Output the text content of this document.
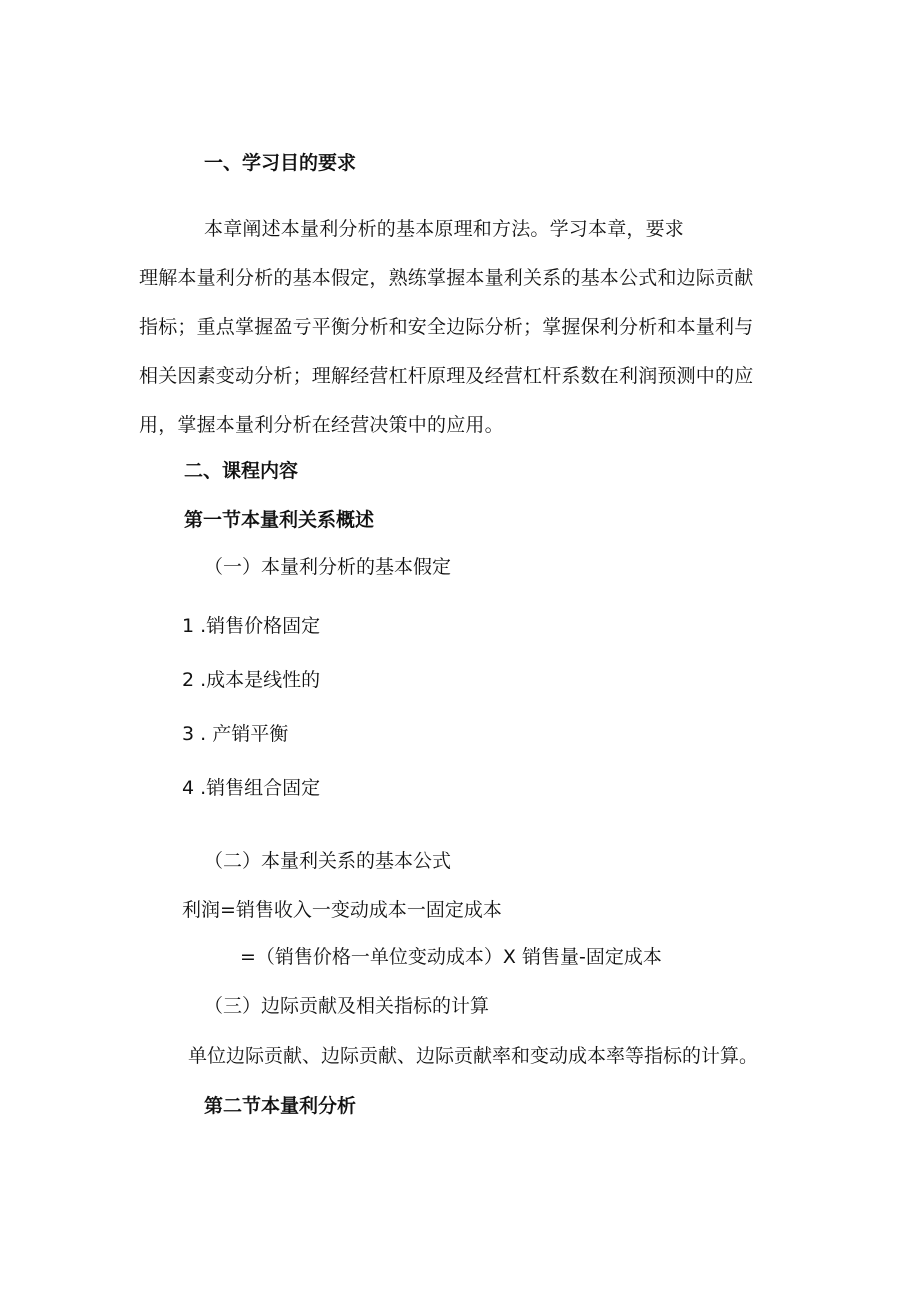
一、学习目的要求
本章阐述本量利分析的基本原理和方法。学习本章，要求
理解本量利分析的基本假定，熟练掌握本量利关系的基本公式和边际贡献
指标；重点掌握盈亏平衡分析和安全边际分析；掌握保利分析和本量利与
相关因素变动分析；理解经营杠杆原理及经营杠杆系数在利润预测中的应
用，掌握本量利分析在经营决策中的应用。
二、课程内容
第一节本量利关系概述
（一）本量利分析的基本假定
1 .销售价格固定
2 .成本是线性的
3 . 产销平衡
4 .销售组合固定
（二）本量利关系的基本公式
利润=销售收入一变动成本一固定成本
=（销售价格一单位变动成本）X 销售量-固定成本
（三）边际贡献及相关指标的计算
单位边际贡献、边际贡献、边际贡献率和变动成本率等指标的计算。
第二节本量利分析
